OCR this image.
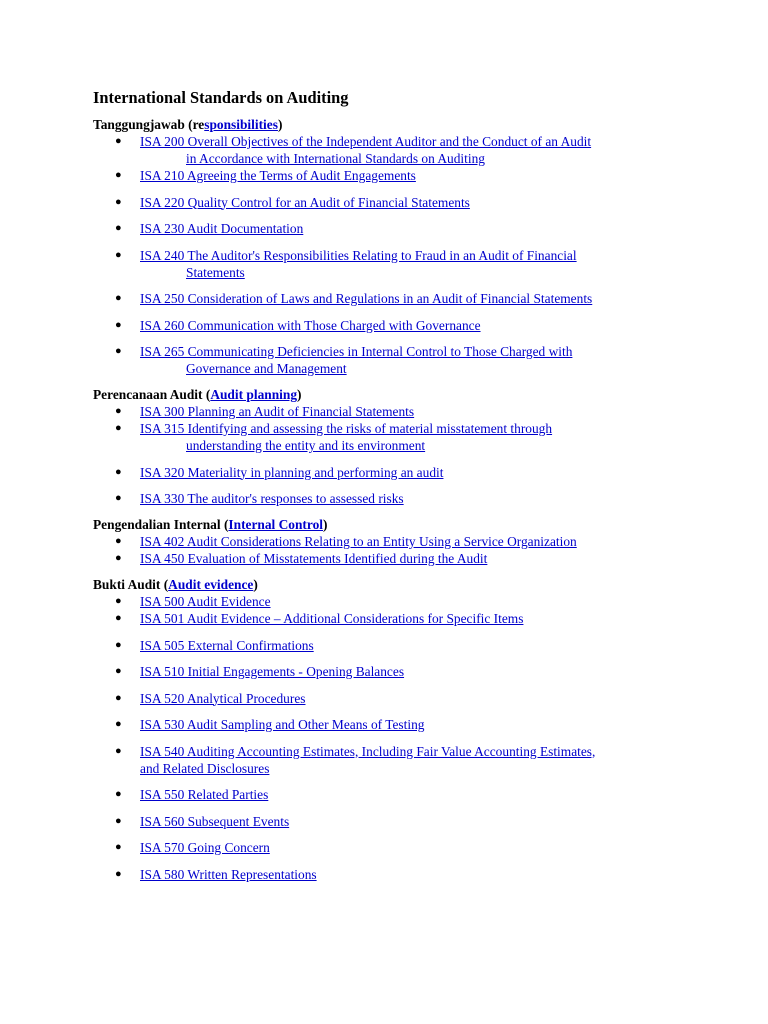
International Standards on Auditing

Tanggungjawab (responsibilities)

● ISA 200 Overall Objectives of the Independent Auditor and the Conduct of an Audit
in Accordance with International Standards on Auditing
● ISA 210 Agreeing the Terms of Audit Engagements
● ISA 220 Quality Control for an Audit of Financial Statements
● ISA 230 Audit Documentation
● ISA 240 The Auditor's Responsibilities Relating to Fraud in an Audit of Financial
Statements
● ISA 250 Consideration of Laws and Regulations in an Audit of Financial Statements
● ISA 260 Communication with Those Charged with Governance
● ISA 265 Communicating Deficiencies in Internal Control to Those Charged with
Governance and Management

Perencanaan Audit (Audit planning)

● ISA 300 Planning an Audit of Financial Statements
● ISA 315 Identifying and assessing the risks of material misstatement through
understanding the entity and its environment
● ISA 320 Materiality in planning and performing an audit
● ISA 330 The auditor's responses to assessed risks

Pengendalian Internal (Internal Control)

● ISA 402 Audit Considerations Relating to an Entity Using a Service Organization
● ISA 450 Evaluation of Misstatements Identified during the Audit

Bukti Audit (Audit evidence)

● ISA 500 Audit Evidence
● ISA 501 Audit Evidence – Additional Considerations for Specific Items
● ISA 505 External Confirmations
● ISA 510 Initial Engagements - Opening Balances
● ISA 520 Analytical Procedures
● ISA 530 Audit Sampling and Other Means of Testing
● ISA 540 Auditing Accounting Estimates, Including Fair Value Accounting Estimates,
and Related Disclosures
● ISA 550 Related Parties
● ISA 560 Subsequent Events
● ISA 570 Going Concern
● ISA 580 Written Representations
